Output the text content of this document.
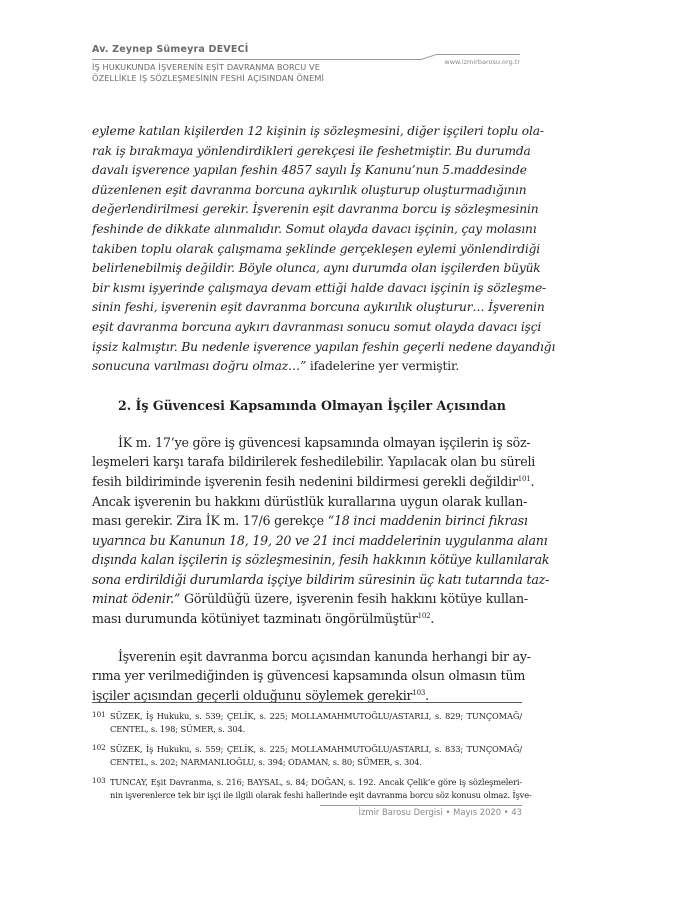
Av. Zeynep Sümeyra DEVECİ
www.izmirbarosu.org.tr
İŞ HUKUKUNDA İŞVERENİN EŞİT DAVRANMA BORCU VE
ÖZELLİKLE İŞ SÖZLEŞMESİNİN FESHİ AÇISINDAN ÖNEMİ
eyleme katılan kişilerden 12 kişinin iş sözleşmesini, diğer işçileri toplu ola-
rak iş bırakmaya yönlendirdikleri gerekçesi ile feshetmiştir. Bu durumda
davalı işverence yapılan feshin 4857 sayılı İş Kanunu’nun 5.maddesinde
düzenlenen eşit davranma borcuna aykırılık oluşturup oluşturmadığının
değerlendirilmesi gerekir. İşverenin eşit davranma borcu iş sözleşmesinin
feshinde de dikkate alınmalıdır. Somut olayda davacı işçinin, çay molasını
takiben toplu olarak çalışmama şeklinde gerçekleşen eylemi yönlendirdiği
belirlenebilmiş değildir. Böyle olunca, aynı durumda olan işçilerden büyük
bir kısmı işyerinde çalışmaya devam ettiği halde davacı işçinin iş sözleşme-
sinin feshi, işverenin eşit davranma borcuna aykırılık oluşturur… İşverenin
eşit davranma borcuna aykırı davranması sonucu somut olayda davacı işçi
işsiz kalmıştır. Bu nedenle işverence yapılan feshin geçerli nedene dayandığı
sonucuna varılması doğru olmaz…” ifadelerine yer vermiştir.
2. İş Güvencesi Kapsamında Olmayan İşçiler Açısından
İK m. 17’ye göre iş güvencesi kapsamında olmayan işçilerin iş söz-
leşmeleri karşı tarafa bildirilerek feshedilebilir. Yapılacak olan bu süreli
fesih bildiriminde işverenin fesih nedenini bildirmesi gerekli değildir$^{101}$.
Ancak işverenin bu hakkını dürüstlük kurallarına uygun olarak kullan-
ması gerekir. Zira İK m. 17/6 gerekçe “18 inci maddenin birinci fıkrası
uyarınca bu Kanunun 18, 19, 20 ve 21 inci maddelerinin uygulanma alanı
dışında kalan işçilerin iş sözleşmesinin, fesih hakkının kötüye kullanılarak
sona erdirildiği durumlarda işçiye bildirim süresinin üç katı tutarında taz-
minat ödenir.” Görüldüğü üzere, işverenin fesih hakkını kötüye kullan-
ması durumunda kötüniyet tazminatı öngörülmüştür$^{102}$.
İşverenin eşit davranma borcu açısından kanunda herhangi bir ay-
rıma yer verilmediğinden iş güvencesi kapsamında olsun olmasın tüm
işçiler açısından geçerli olduğunu söylemek gerekir$^{103}$.
101 SÜZEK, İş Hukuku, s. 539; ÇELİK, s. 225; MOLLAMAHMUTOĞLU/ASTARLI, s. 829; TUNÇOMAĞ/
CENTEL, s. 198; SÜMER, s. 304.
102 SÜZEK, İş Hukuku, s. 559; ÇELİK, s. 225; MOLLAMAHMUTOĞLU/ASTARLI, s. 833; TUNÇOMAĞ/
CENTEL, s. 202; NARMANLIOĞLU, s. 394; ODAMAN, s. 80; SÜMER, s. 304.
103 TUNCAY, Eşit Davranma, s. 216; BAYSAL, s. 84; DOĞAN, s. 192. Ancak Çelik’e göre iş sözleşmeleri-
nin işverenlerce tek bir işçi ile ilgili olarak feshi hallerinde eşit davranma borcu söz konusu olmaz. İşve-
İzmir Barosu Dergisi • Mayıs 2020 • 43
